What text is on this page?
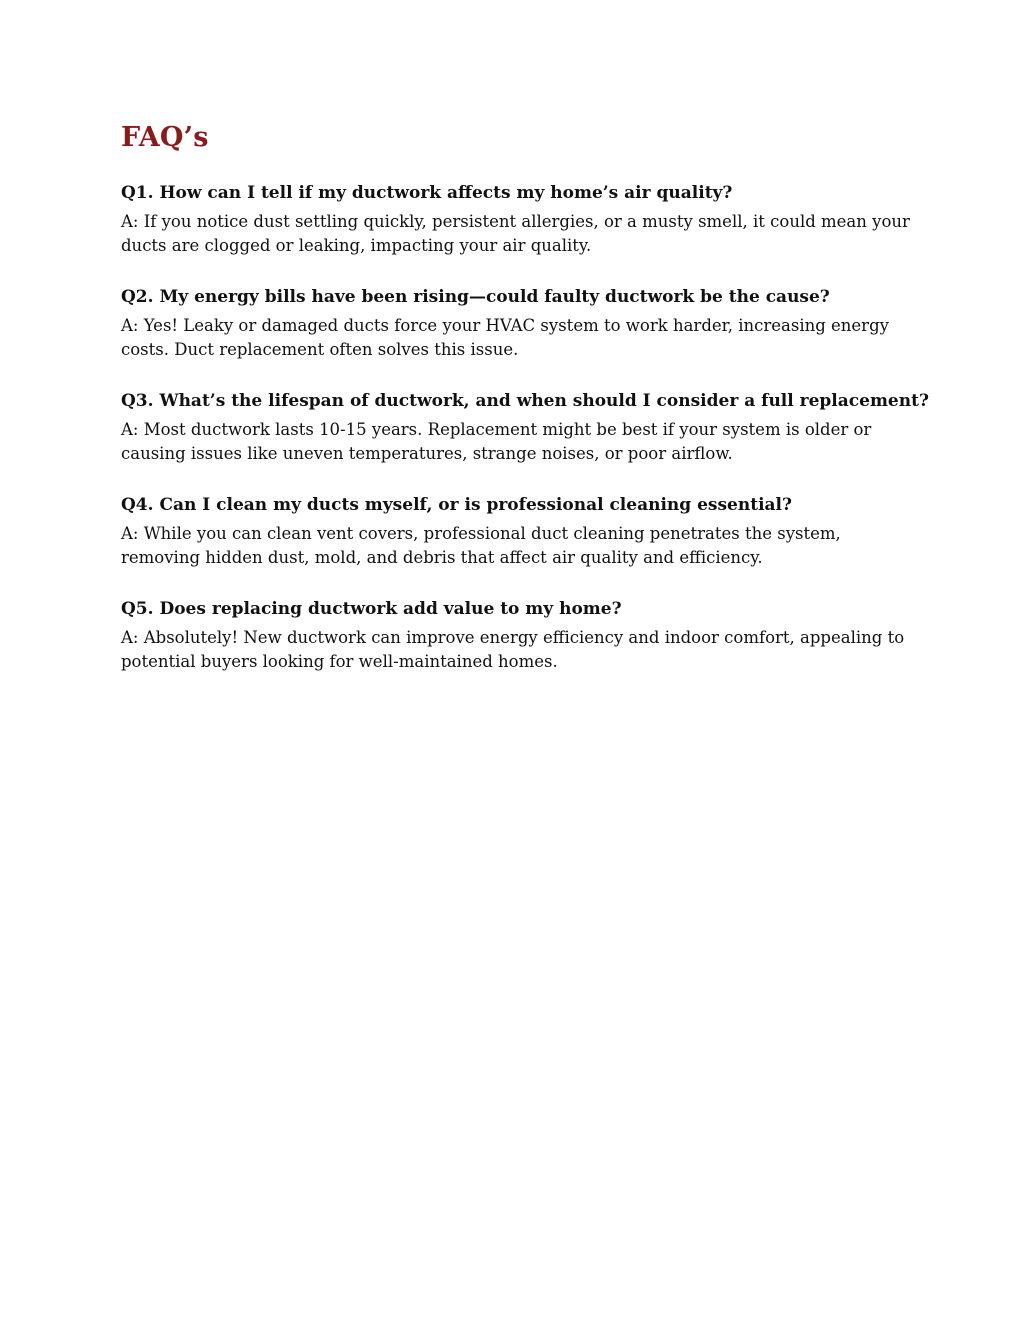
FAQ’s

Q1. How can I tell if my ductwork affects my home’s air quality?

A: If you notice dust settling quickly, persistent allergies, or a musty smell, it could mean your ducts are clogged or leaking, impacting your air quality.

Q2. My energy bills have been rising—could faulty ductwork be the cause?

A: Yes! Leaky or damaged ducts force your HVAC system to work harder, increasing energy costs. Duct replacement often solves this issue.

Q3. What’s the lifespan of ductwork, and when should I consider a full replacement?

A: Most ductwork lasts 10-15 years. Replacement might be best if your system is older or causing issues like uneven temperatures, strange noises, or poor airflow.

Q4. Can I clean my ducts myself, or is professional cleaning essential?

A: While you can clean vent covers, professional duct cleaning penetrates the system, removing hidden dust, mold, and debris that affect air quality and efficiency.

Q5. Does replacing ductwork add value to my home?

A: Absolutely! New ductwork can improve energy efficiency and indoor comfort, appealing to potential buyers looking for well-maintained homes.
